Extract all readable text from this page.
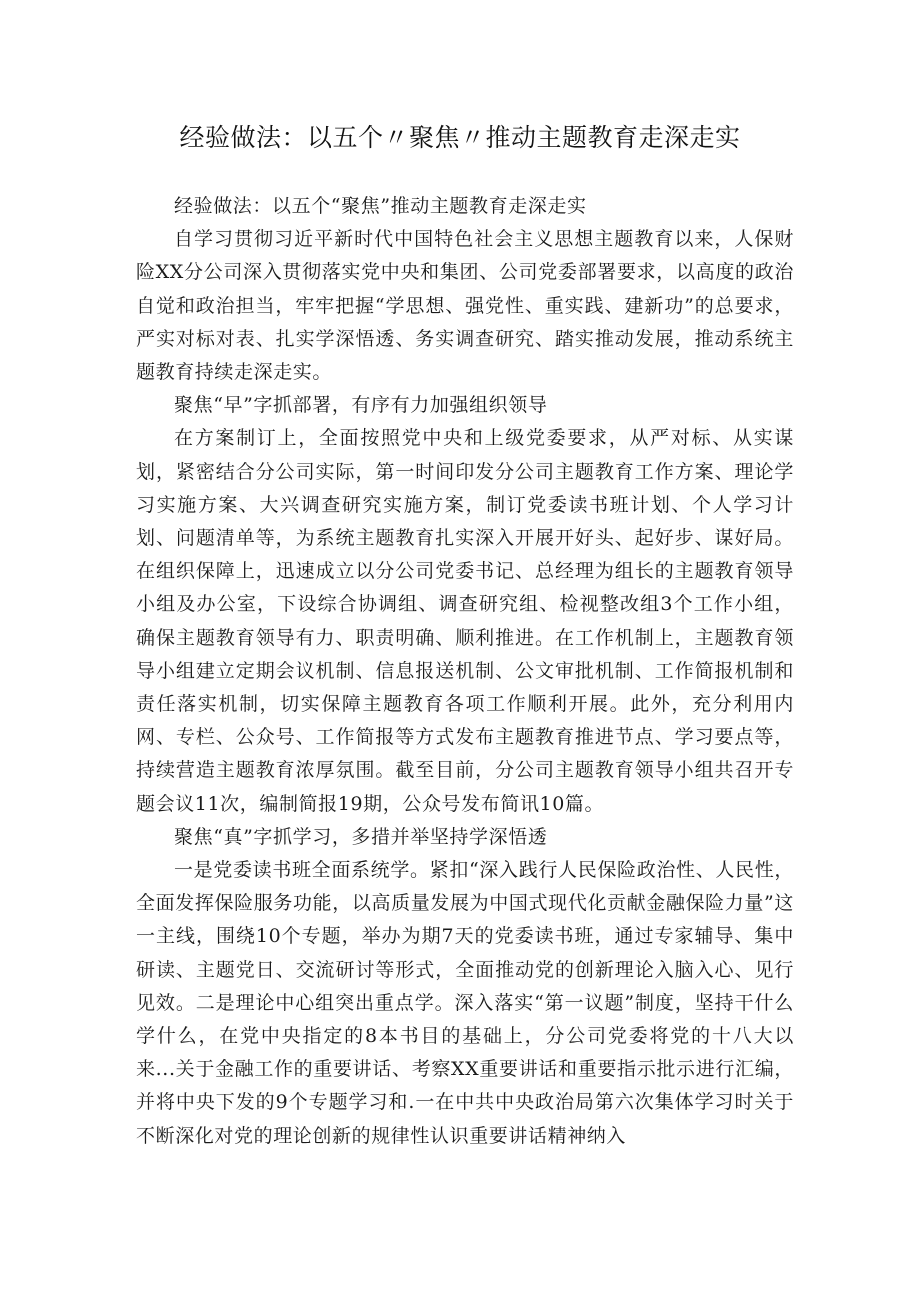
经验做法：以五个〃聚焦〃推动主题教育走深走实

经验做法：以五个“聚焦”推动主题教育走深走实

自学习贯彻习近平新时代中国特色社会主义思想主题教育以来，人保财险XX分公司深入贯彻落实党中央和集团、公司党委部署要求，以高度的政治自觉和政治担当，牢牢把握“学思想、强党性、重实践、建新功”的总要求，严实对标对表、扎实学深悟透、务实调查研究、踏实推动发展，推动系统主题教育持续走深走实。

聚焦“早”字抓部署，有序有力加强组织领导

在方案制订上，全面按照党中央和上级党委要求，从严对标、从实谋划，紧密结合分公司实际，第一时间印发分公司主题教育工作方案、理论学习实施方案、大兴调查研究实施方案，制订党委读书班计划、个人学习计划、问题清单等，为系统主题教育扎实深入开展开好头、起好步、谋好局。在组织保障上，迅速成立以分公司党委书记、总经理为组长的主题教育领导小组及办公室，下设综合协调组、调查研究组、检视整改组3个工作小组，确保主题教育领导有力、职责明确、顺利推进。在工作机制上，主题教育领导小组建立定期会议机制、信息报送机制、公文审批机制、工作简报机制和责任落实机制，切实保障主题教育各项工作顺利开展。此外，充分利用内网、专栏、公众号、工作简报等方式发布主题教育推进节点、学习要点等，持续营造主题教育浓厚氛围。截至目前，分公司主题教育领导小组共召开专题会议11次，编制简报19期，公众号发布简讯10篇。

聚焦“真”字抓学习，多措并举坚持学深悟透

一是党委读书班全面系统学。紧扣“深入践行人民保险政治性、人民性，全面发挥保险服务功能，以高质量发展为中国式现代化贡献金融保险力量”这一主线，围绕10个专题，举办为期7天的党委读书班，通过专家辅导、集中研读、主题党日、交流研讨等形式，全面推动党的创新理论入脑入心、见行见效。二是理论中心组突出重点学。深入落实“第一议题”制度，坚持干什么学什么，在党中央指定的8本书目的基础上，分公司党委将党的十八大以来...关于金融工作的重要讲话、考察XX重要讲话和重要指示批示进行汇编，并将中央下发的9个专题学习和.一在中共中央政治局第六次集体学习时关于不断深化对党的理论创新的规律性认识重要讲话精神纳入
